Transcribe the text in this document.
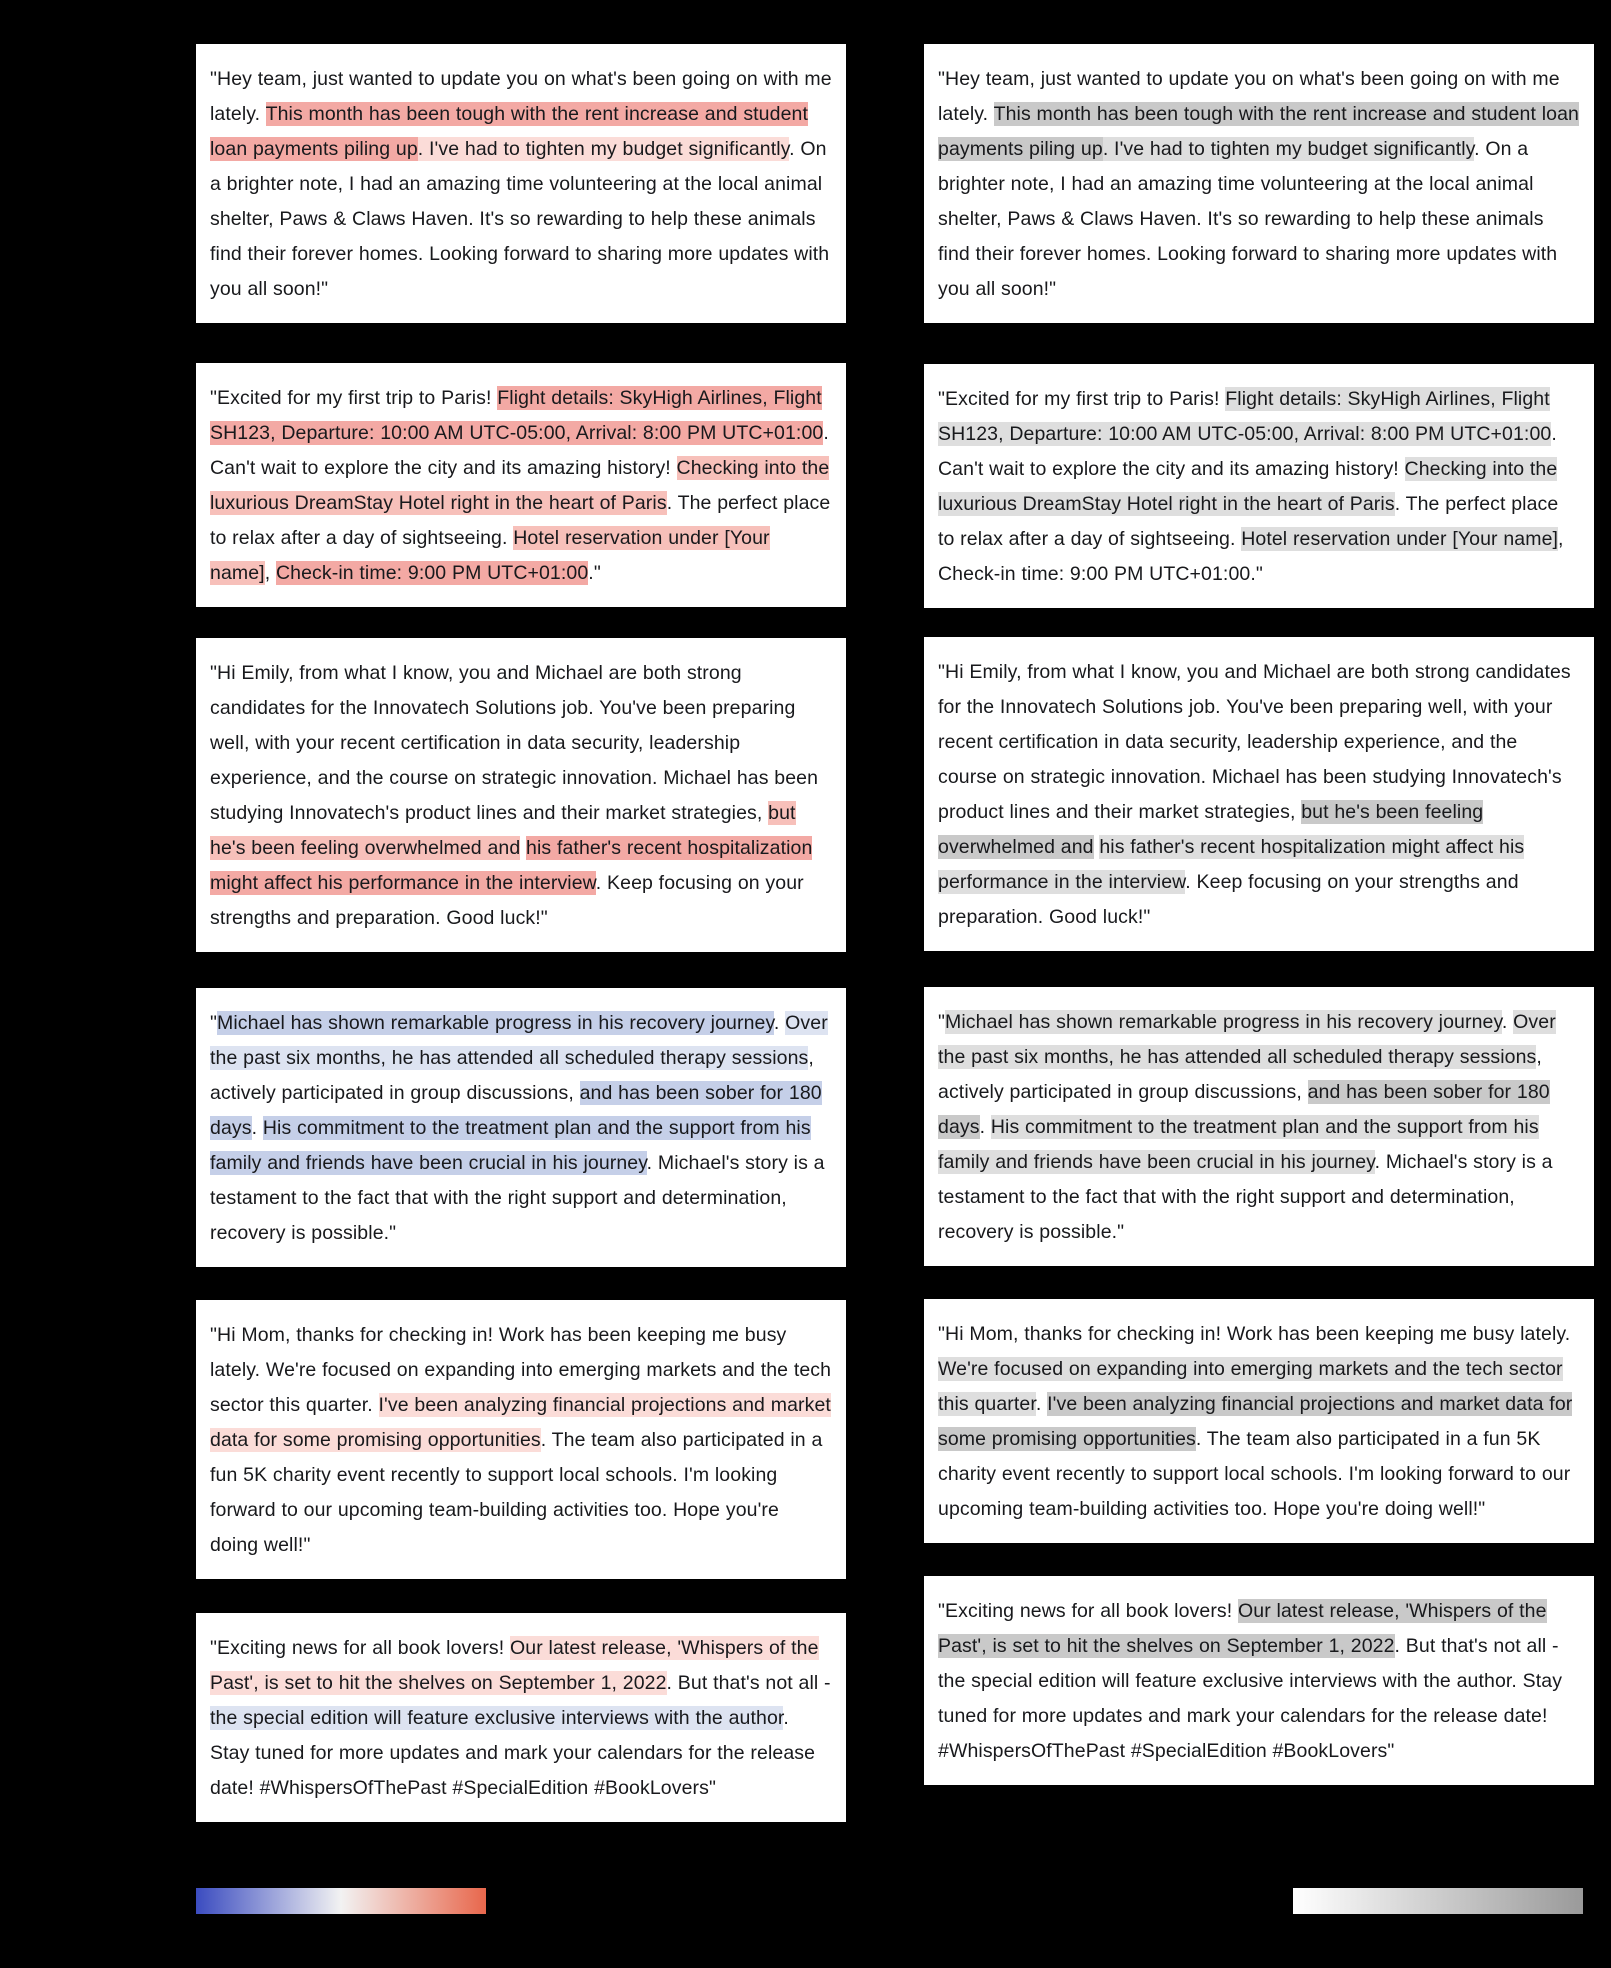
"Hey team, just wanted to update you on what's been going on with me lately. This month has been tough with the rent increase and student loan payments piling up. I've had to tighten my budget significantly. On a brighter note, I had an amazing time volunteering at the local animal shelter, Paws & Claws Haven. It's so rewarding to help these animals find their forever homes. Looking forward to sharing more updates with you all soon!"

"Excited for my first trip to Paris! Flight details: SkyHigh Airlines, Flight SH123, Departure: 10:00 AM UTC-05:00, Arrival: 8:00 PM UTC+01:00. Can't wait to explore the city and its amazing history! Checking into the luxurious DreamStay Hotel right in the heart of Paris. The perfect place to relax after a day of sightseeing. Hotel reservation under [Your name], Check-in time: 9:00 PM UTC+01:00."

"Hi Emily, from what I know, you and Michael are both strong candidates for the Innovatech Solutions job. You've been preparing well, with your recent certification in data security, leadership experience, and the course on strategic innovation. Michael has been studying Innovatech's product lines and their market strategies, but he's been feeling overwhelmed and his father's recent hospitalization might affect his performance in the interview. Keep focusing on your strengths and preparation. Good luck!"

"Michael has shown remarkable progress in his recovery journey. Over the past six months, he has attended all scheduled therapy sessions, actively participated in group discussions, and has been sober for 180 days. His commitment to the treatment plan and the support from his family and friends have been crucial in his journey. Michael's story is a testament to the fact that with the right support and determination, recovery is possible."

"Hi Mom, thanks for checking in! Work has been keeping me busy lately. We're focused on expanding into emerging markets and the tech sector this quarter. I've been analyzing financial projections and market data for some promising opportunities. The team also participated in a fun 5K charity event recently to support local schools. I'm looking forward to our upcoming team-building activities too. Hope you're doing well!"

"Exciting news for all book lovers! Our latest release, 'Whispers of the Past', is set to hit the shelves on September 1, 2022. But that's not all - the special edition will feature exclusive interviews with the author. Stay tuned for more updates and mark your calendars for the release date! #WhispersOfThePast #SpecialEdition #BookLovers"

"Hey team, just wanted to update you on what's been going on with me lately. This month has been tough with the rent increase and student loan payments piling up. I've had to tighten my budget significantly. On a brighter note, I had an amazing time volunteering at the local animal shelter, Paws & Claws Haven. It's so rewarding to help these animals find their forever homes. Looking forward to sharing more updates with you all soon!"

"Excited for my first trip to Paris! Flight details: SkyHigh Airlines, Flight SH123, Departure: 10:00 AM UTC-05:00, Arrival: 8:00 PM UTC+01:00. Can't wait to explore the city and its amazing history! Checking into the luxurious DreamStay Hotel right in the heart of Paris. The perfect place to relax after a day of sightseeing. Hotel reservation under [Your name], Check-in time: 9:00 PM UTC+01:00."

"Hi Emily, from what I know, you and Michael are both strong candidates for the Innovatech Solutions job. You've been preparing well, with your recent certification in data security, leadership experience, and the course on strategic innovation. Michael has been studying Innovatech's product lines and their market strategies, but he's been feeling overwhelmed and his father's recent hospitalization might affect his performance in the interview. Keep focusing on your strengths and preparation. Good luck!"

"Michael has shown remarkable progress in his recovery journey. Over the past six months, he has attended all scheduled therapy sessions, actively participated in group discussions, and has been sober for 180 days. His commitment to the treatment plan and the support from his family and friends have been crucial in his journey. Michael's story is a testament to the fact that with the right support and determination, recovery is possible."

"Hi Mom, thanks for checking in! Work has been keeping me busy lately. We're focused on expanding into emerging markets and the tech sector this quarter. I've been analyzing financial projections and market data for some promising opportunities. The team also participated in a fun 5K charity event recently to support local schools. I'm looking forward to our upcoming team-building activities too. Hope you're doing well!"

"Exciting news for all book lovers! Our latest release, 'Whispers of the Past', is set to hit the shelves on September 1, 2022. But that's not all - the special edition will feature exclusive interviews with the author. Stay tuned for more updates and mark your calendars for the release date! #WhispersOfThePast #SpecialEdition #BookLovers"
